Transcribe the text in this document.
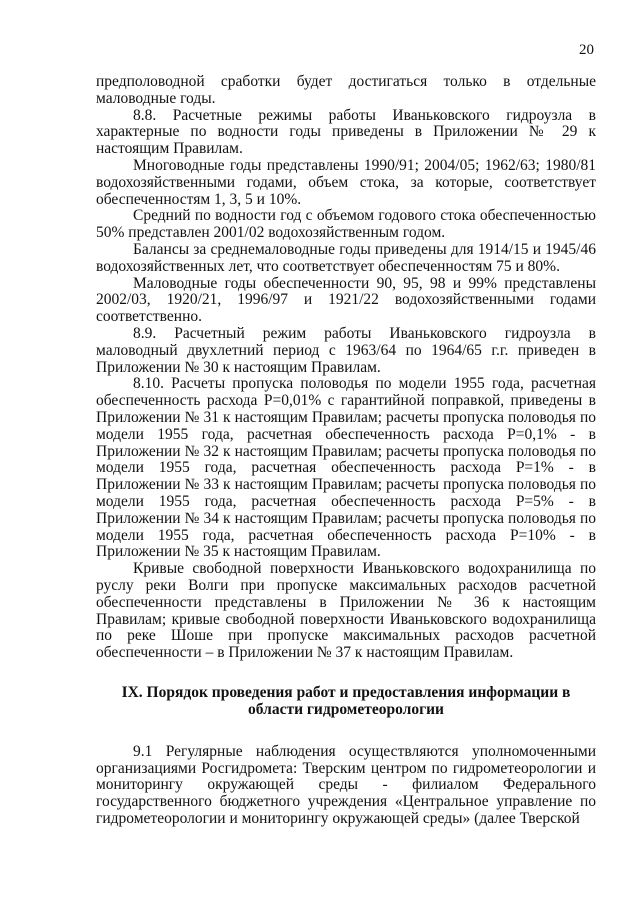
20

предполоводной сработки будет достигаться только в отдельные маловодные годы.

8.8. Расчетные режимы работы Иваньковского гидроузла в характерные по водности годы приведены в Приложении № 29 к настоящим Правилам.

Многоводные годы представлены 1990/91; 2004/05; 1962/63; 1980/81 водохозяйственными годами, объем стока, за которые, соответствует обеспеченностям 1, 3, 5 и 10%.

Средний по водности год с объемом годового стока обеспеченностью 50% представлен 2001/02 водохозяйственным годом.

Балансы за среднемаловодные годы приведены для 1914/15 и 1945/46 водохозяйственных лет, что соответствует обеспеченностям 75 и 80%.

Маловодные годы обеспеченности 90, 95, 98 и 99% представлены 2002/03, 1920/21, 1996/97 и 1921/22 водохозяйственными годами соответственно.

8.9. Расчетный режим работы Иваньковского гидроузла в маловодный двухлетний период с 1963/64 по 1964/65 г.г. приведен в Приложении № 30 к настоящим Правилам.

8.10. Расчеты пропуска половодья по модели 1955 года, расчетная обеспеченность расхода Р=0,01% с гарантийной поправкой, приведены в Приложении № 31 к настоящим Правилам; расчеты пропуска половодья по модели 1955 года, расчетная обеспеченность расхода Р=0,1% - в Приложении № 32 к настоящим Правилам; расчеты пропуска половодья по модели 1955 года, расчетная обеспеченность расхода Р=1% - в Приложении № 33 к настоящим Правилам; расчеты пропуска половодья по модели 1955 года, расчетная обеспеченность расхода Р=5% - в Приложении № 34 к настоящим Правилам; расчеты пропуска половодья по модели 1955 года, расчетная обеспеченность расхода Р=10% - в Приложении № 35 к настоящим Правилам.

Кривые свободной поверхности Иваньковского водохранилища по руслу реки Волги при пропуске максимальных расходов расчетной обеспеченности представлены в Приложении № 36 к настоящим Правилам; кривые свободной поверхности Иваньковского водохранилища по реке Шоше при пропуске максимальных расходов расчетной обеспеченности – в Приложении № 37 к настоящим Правилам.

IX. Порядок проведения работ и предоставления информации в области гидрометеорологии

9.1 Регулярные наблюдения осуществляются уполномоченными организациями Росгидромета: Тверским центром по гидрометеорологии и мониторингу окружающей среды - филиалом Федерального государственного бюджетного учреждения «Центральное управление по гидрометеорологии и мониторингу окружающей среды» (далее Тверской
